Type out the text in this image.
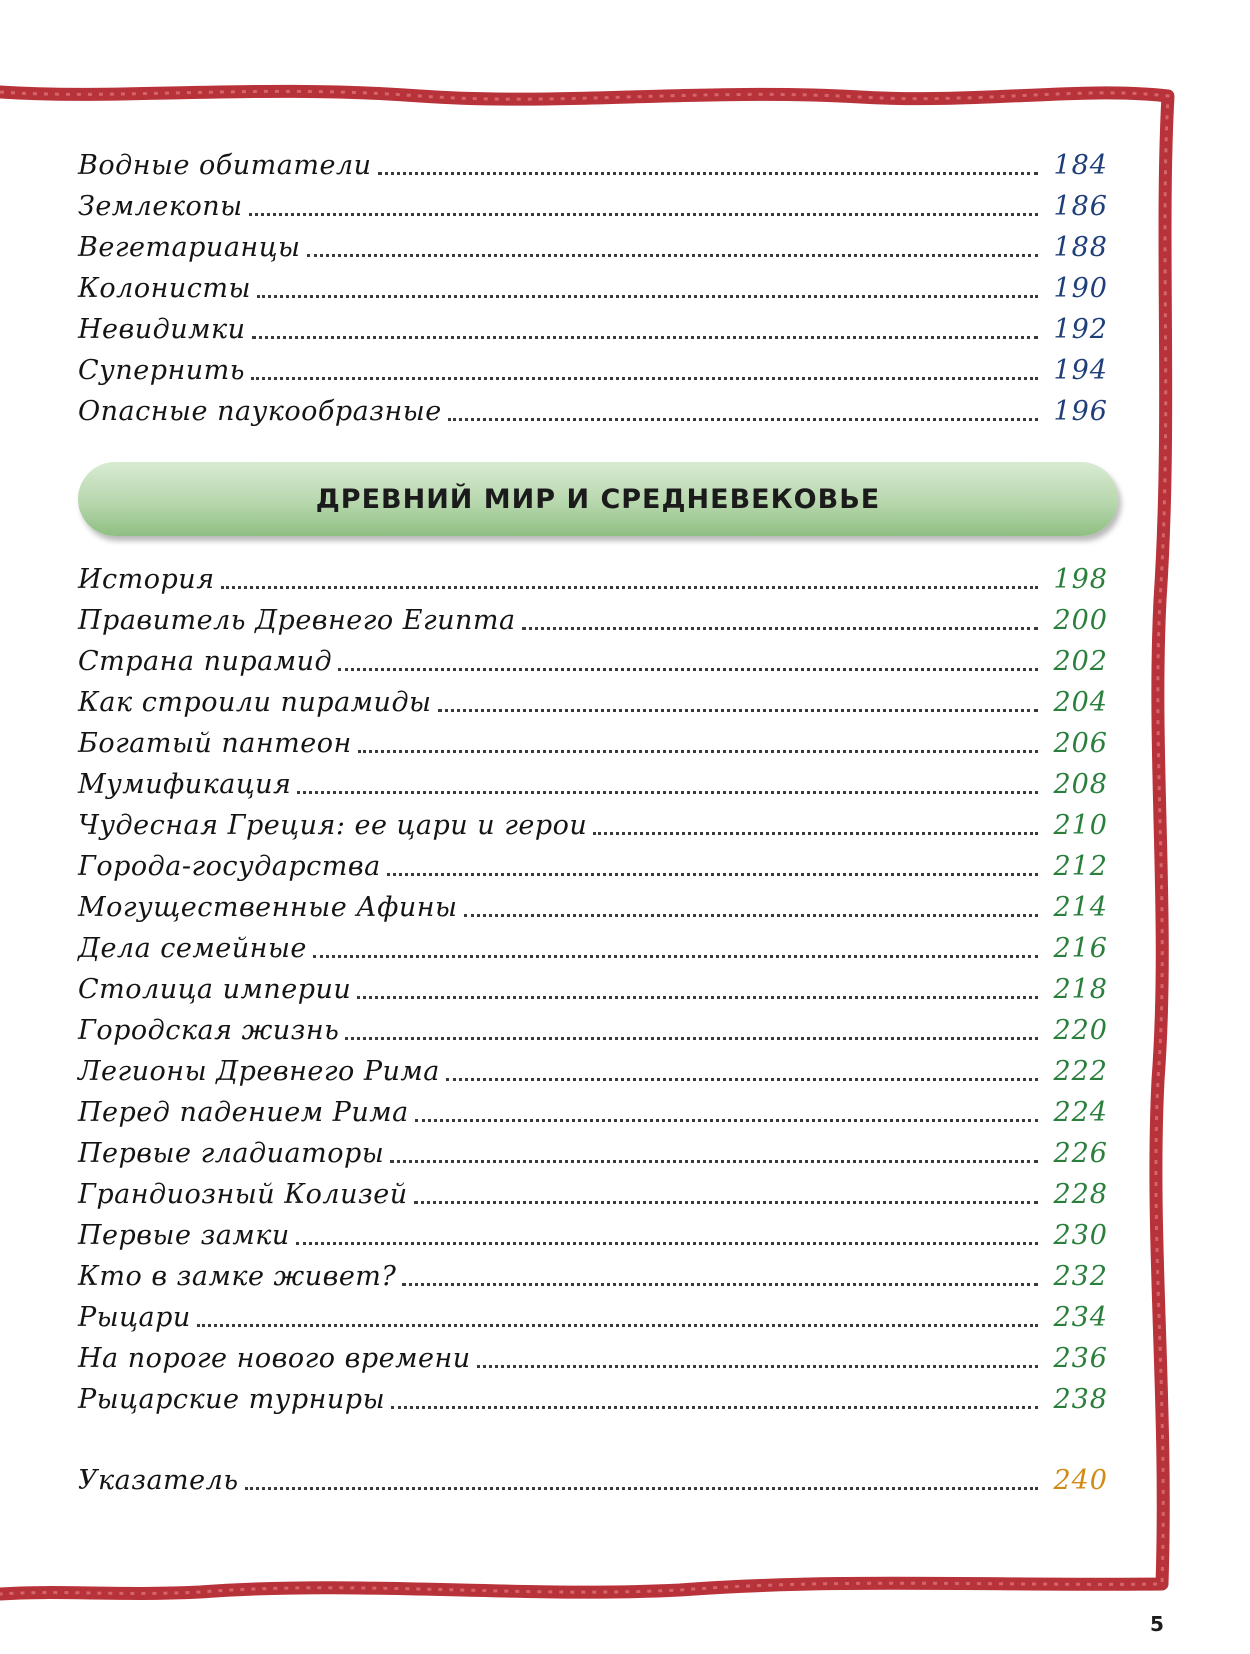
Водные обитатели	184
Землекопы	186
Вегетарианцы	188
Колонисты	190
Невидимки	192
Супернить	194
Опасные паукообразные	196
ДРЕВНИЙ МИР И СРЕДНЕВЕКОВЬЕ
История	198
Правитель Древнего Египта	200
Страна пирамид	202
Как строили пирамиды	204
Богатый пантеон	206
Мумификация	208
Чудесная Греция: ее цари и герои	210
Города-государства	212
Могущественные Афины	214
Дела семейные	216
Столица империи	218
Городская жизнь	220
Легионы Древнего Рима	222
Перед падением Рима	224
Первые гладиаторы	226
Грандиозный Колизей	228
Первые замки	230
Кто в замке живет?	232
Рыцари	234
На пороге нового времени	236
Рыцарские турниры	238
Указатель	240
5
